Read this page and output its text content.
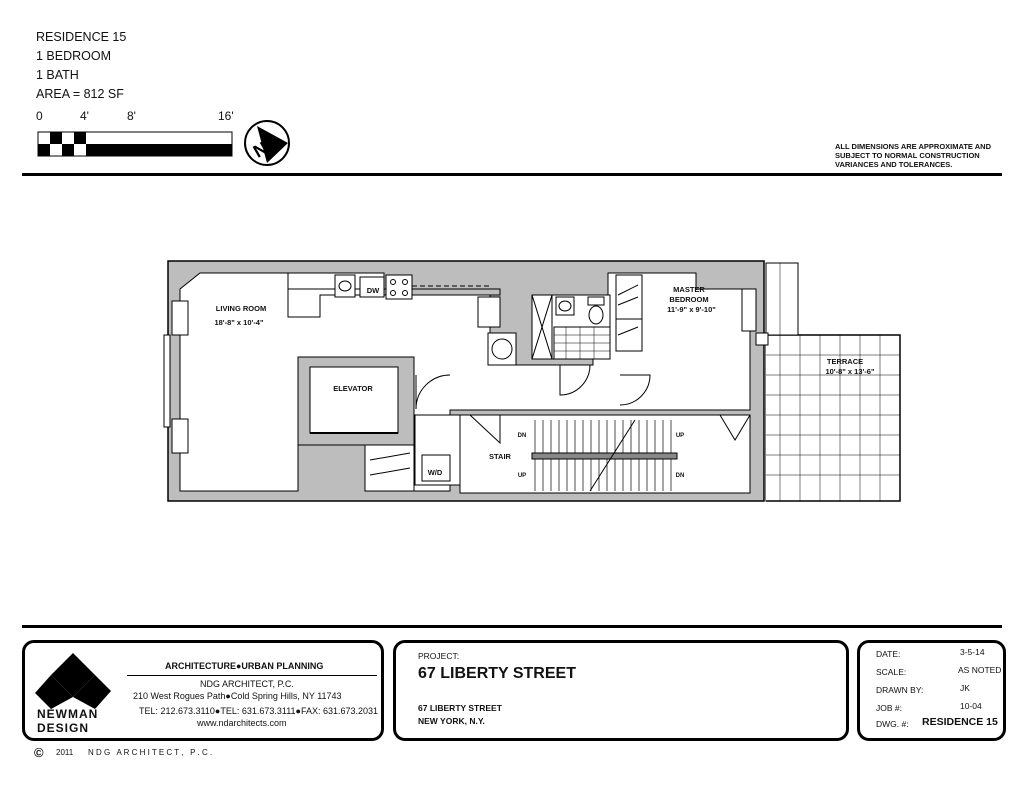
RESIDENCE 15
1 BEDROOM
1 BATH
AREA = 812 SF
0	4'	8'	16'
N	ALL DIMENSIONS ARE APPROXIMATE AND SUBJECT TO NORMAL CONSTRUCTION VARIANCES AND TOLERANCES.
LIVING ROOM
18'-8" x 10'-4"
MASTER
BEDROOM
11'-9" x 9'-10"
TERRACE
10'-8" x 13'-6"
ELEVATOR
STAIR
DW
W/D
DN
UP
UP
DN
NEWMAN
DESIGN
ARCHITECTURE●URBAN PLANNING
NDG ARCHITECT, P.C.
210 West Rogues Path●Cold Spring Hills, NY 11743
TEL: 212.673.3110●TEL: 631.673.3111●FAX: 631.673.2031
www.ndarchitects.com
PROJECT:
67 LIBERTY STREET
67 LIBERTY STREET
NEW YORK, N.Y.
DATE:	3-5-14
SCALE:	AS NOTED
DRAWN BY:	JK
JOB #:	10-04
DWG. #: RESIDENCE 15
© 2011 N D G   A R C H I T E C T ,   P . C .
